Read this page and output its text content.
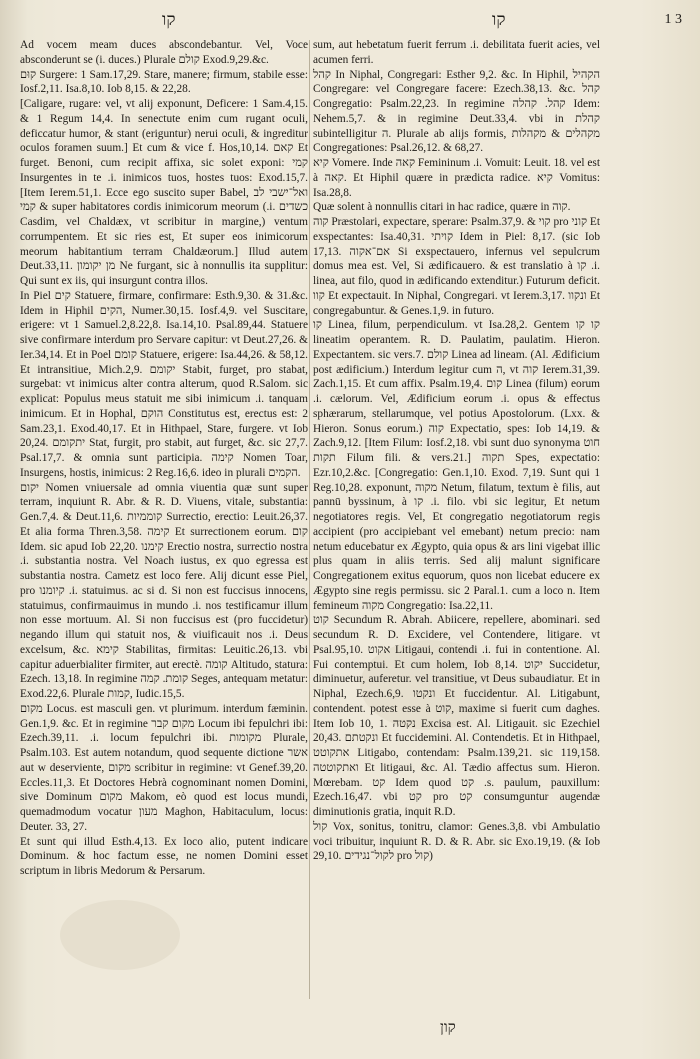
קו	קו	1 3

Ad vocem meam duces abscondebantur. Vel, Voce absconderunt se (i. duces.) Plurale קולם Exod.9,29.&c.

קוּם Surgere: 1 Sam.17,29. Stare, manere; firmum, stabile esse: Iosf.2,11. Isa.8,10. Iob 8,15. & 22,28.

[Caligare, rugare: vel, vt alij exponunt, Deficere: 1 Sam.4,15. & 1 Regum 14,4. In senectute enim cum rugant oculi, deficcatur humor, & stant (eriguntur) nerui oculi, & ingreditur oculos foramen suum.] Et cum & vice f. Hos,10,14. קאם Et furget. Benoni, cum recipit affixa, sic solet exponi: קמי Insurgentes in te .i. inimicos tuos, hostes tuos: Exod.15,7. [Item Ierem.51,1. Ecce ego suscito super Babel, ואל־ישבי לב קמי & super habitatores cordis inimicorum meorum (.i. כשדים Casdim, vel Chaldæx, vt scribitur in margine,) ventum corrumpentem. Et sic ries est, Et super eos inimicorum meorum habitantium terram Chaldæorum.] Illud autem Deut.33,11. מן יקומון Ne furgant, sic à nonnullis ita supplitur: Qui sunt ex iis, qui insurgunt contra illos.

In Piel קים Statuere, firmare, confirmare: Esth.9,30. & 31.&c. Idem in Hiphil הקים, Numer.30,15. Iosf.4,9. vel Suscitare, erigere: vt 1 Samuel.2,8.22,8. Isa.14,10. Psal.89,44. Statuere sive confirmare interdum pro Servare capitur: vt Deut.27,26. & Ier.34,14. Et in Poel קומם Statuere, erigere: Isa.44,26. & 58,12. Et intransitiue, Mich.2,9. יקומם Stabit, furget, pro stabat, surgebat: vt inimicus alter contra alterum, quod R.Salom. sic explicat: Populus meus statuit me sibi inimicum .i. tanquam inimicum. Et in Hophal, הוקם Constitutus est, erectus est: 2 Sam.23,1. Exod.40,17. Et in Hithpael, Stare, furgere. vt Iob 20,24. יתקומם Stat, furgit, pro stabit, aut furget, &c. sic 27,7. Psal.17,7. & omnia sunt participia. קימה Nomen Toar, Insurgens, hostis, inimicus: 2 Reg.16,6. ideo in plurali הקמים.

יקום Nomen vniuersale ad omnia viuentia quæ sunt super terram, inquiunt R. Abr. & R. D. Viuens, vitale, substantia: Gen.7,4. & Deut.11,6. קוממיות Surrectio, erectio: Leuit.26,37. Et alia forma Thren.3,58. קימה Et surrectionem eorum. קום Idem. sic apud Iob 22,20. קימנו Erectio nostra, surrectio nostra .i. substantia nostra. Vel Noach iustus, ex quo egressa est substantia nostra. Cametz est loco fere. Alij dicunt esse Piel, pro קיומנו .i. statuimus. ac si d. Si non est fuccisus innocens, statuimus, confirmauimus in mundo .i. nos testificamur illum non esse mortuum. Al. Si non fuccisus est (pro fuccidetur) negando illum qui statuit nos, & viuificauit nos .i. Deus excelsum, &c. קימא Stabilitas, firmitas: Leuitic.26,13. vbi capitur aduerbialiter firmiter, aut erectè. קומה Altitudo, statura: Ezech. 13,18. In regimine קומת. קמה Seges, antequam metatur: Exod.22,6. Plurale קמות, Iudic.15,5.

מקום Locus. est masculi gen. vt plurimum. interdum fæminin. Gen.1,9. &c. Et in regimine מקום קבר Locum ibi fepulchri ibi: Ezech.39,11. .i. locum fepulchri ibi. מקומות Plurale, Psalm.103. Est autem notandum, quod sequente dictione אשר aut w deserviente, מקום scribitur in regimine: vt Genef.39,20. Eccles.11,3. Et Doctores Hebrà cognominant nomen Domini, sive Dominum מקום Makom, eò quod est locus mundi, quemadmodum vocatur מעון Maghon, Habitaculum, locus: Deuter. 33, 27.

Et sunt qui illud Esth.4,13. Ex loco alio, putent indicare Dominum. & hoc factum esse, ne nomen Domini esset scriptum in libris Medorum & Persarum.

sum, aut hebetatum fuerit ferrum .i. debilitata fuerit acies, vel acumen ferri.

קהל In Niphal, Congregari: Esther 9,2. &c. In Hiphil, הקהיל Congregare: vel Congregare facere: Ezech.38,13. &c. קהל Congregatio: Psalm.22,23. In regimine קהל. קהלה Idem: Nehem.5,7. & in regimine Deut.33,4. vbi in קהלת subintelligitur ה. Plurale ab alijs formis, מקהלים & מקהלות Congregationes: Psal.26,12. & 68,27.

קיא Vomere. Inde קאה Femininum .i. Vomuit: Leuit. 18. vel est à קאה. Et Hiphil quære in prædicta radice. קיא Vomitus: Isa.28,8.

Quæ solent à nonnullis citari in hac radice, quære in קוה.

קוה Præstolari, expectare, sperare: Psalm.37,9. & קוי pro קוני Et exspectantes: Isa.40,31. קויתי Idem in Piel: 8,17. (sic Iob 17,13. אם־אקוה Si exspectauero, infernus vel sepulcrum domus mea est. Vel, Si ædificauero. & est translatio à קו .i. linea, aut filo, quod in ædificando extenditur.) Futurum deficit. קוו Et expectauit. In Niphal, Congregari. vt Ierem.3,17. ונקוו Et congregabuntur. & Genes.1,9. in futuro.

קו Linea, filum, perpendiculum. vt Isa.28,2. Gentem קו קו lineatim operantem. R. D. Paulatim, paulatim. Hieron. Expectantem. sic vers.7. קולם Linea ad lineam. (Al. Ædificium post ædificium.) Interdum legitur cum ה, vt קוה Ierem.31,39. Zach.1,15. Et cum affix. Psalm.19,4. קום Linea (filum) eorum .i. cælorum. Vel, Ædificium eorum .i. opus & effectus sphærarum, stellarumque, vel potius Apostolorum. (Lxx. & Hieron. Sonus eorum.) קוה Expectatio, spes: Iob 14,19. & Zach.9,12. [Item Filum: Iosf.2,18. vbi sunt duo synonyma חוט תקות Filum fili. & vers.21.] תקוה Spes, expectatio: Ezr.10,2.&c. [Congregatio: Gen.1,10. Exod. 7,19. Sunt qui 1 Reg.10,28. exponunt, מקוה Netum, filatum, textum è filis, aut pannū byssinum, à קו .i. filo. vbi sic legitur, Et netum negotiatores regis. Vel, Et congregatio negotiatorum regis accipient (pro accipiebant vel emebant) netum precio: nam netum educebatur ex Ægypto, quia opus & ars lini vigebat illic plus quam in aliis terris. Sed alij malunt significare Congregationem exitus equorum, quos non licebat educere ex Ægypto sine regis permissu. sic 2 Paral.1. cum a loco n. Item femineum מקוה Congregatio: Isa.22,11.

קוט Secundum R. Abrah. Abiicere, repellere, abominari. sed secundum R. D. Excidere, vel Contendere, litigare. vt Psal.95,10. אקוט Litigaui, contendi .i. fui in contentione. Al. Fui contemptui. Et cum holem, Iob 8,14. יקוט Succidetur, diminuetur, auferetur. vel transitiue, vt Deus subaudiatur. Et in Niphal, Ezech.6,9. ונקטו Et fuccidentur. Al. Litigabunt, contendent. potest esse à קוט, maxime si fuerit cum daghes. Item Iob 10, 1. נקטה Excisa est. Al. Litigauit. sic Ezechiel 20,43. ונקטתם Et fuccidemini. Al. Contendetis. Et in Hithpael, אתקוטט Litigabo, contendam: Psalm.139,21. sic 119,158. ואתקוטטה Et litigaui, &c. Al. Tædio affectus sum. Hieron. Mœrebam. קט Idem quod קט .s. paulum, pauxillum: Ezech.16,47. vbi קט pro קט consumguntur augendæ diminutionis gratia, inquit R.D.

קול Vox, sonitus, tonitru, clamor: Genes.3,8. vbi Ambulatio voci tribuitur, inquiunt R. D. & R. Abr. sic Exo.19,19. (& Iob 29,10. לקול־נגידים pro קול)

קון
